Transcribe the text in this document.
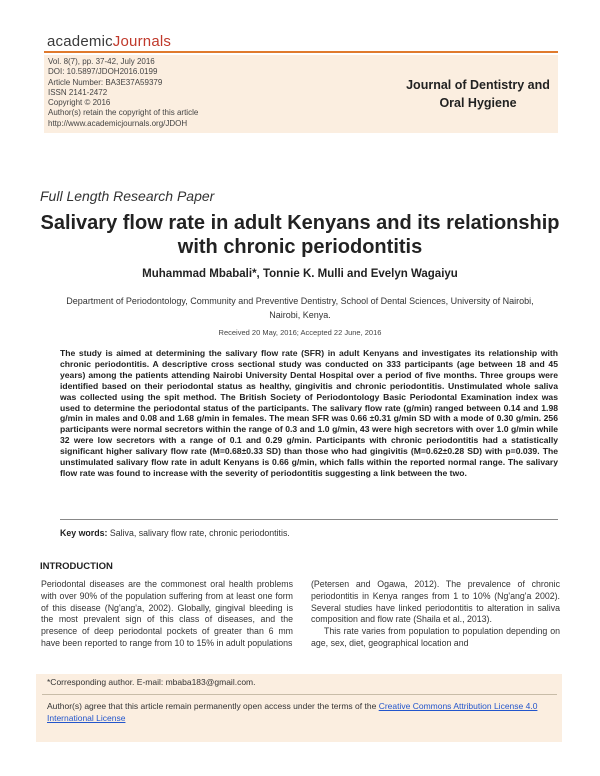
academicJournals
Vol. 8(7), pp. 37-42, July 2016
DOI: 10.5897/JDOH2016.0199
Article Number: BA3E37A59379
ISSN 2141-2472
Copyright © 2016
Author(s) retain the copyright of this article
http://www.academicjournals.org/JDOH
Journal of Dentistry and
Oral Hygiene
Full Length Research Paper
Salivary flow rate in adult Kenyans and its relationship
with chronic periodontitis
Muhammad Mbabali*, Tonnie K. Mulli and Evelyn Wagaiyu
Department of Periodontology, Community and Preventive Dentistry, School of Dental Sciences, University of Nairobi,
Nairobi, Kenya.
Received 20 May, 2016; Accepted 22 June, 2016
The study is aimed at determining the salivary flow rate (SFR) in adult Kenyans and investigates its relationship with chronic periodontitis. A descriptive cross sectional study was conducted on 333 participants (age between 18 and 45 years) among the patients attending Nairobi University Dental Hospital over a period of five months. Three groups were identified based on their periodontal status as healthy, gingivitis and chronic periodontitis. Unstimulated whole saliva was collected using the spit method. The British Society of Periodontology Basic Periodontal Examination index was used to determine the periodontal status of the participants. The salivary flow rate (g/min) ranged between 0.14 and 1.98 g/min in males and 0.08 and 1.68 g/min in females. The mean SFR was 0.66 ±0.31 g/min SD with a mode of 0.30 g/min. 256 participants were normal secretors within the range of 0.3 and 1.0 g/min, 43 were high secretors with over 1.0 g/min while 32 were low secretors with a range of 0.1 and 0.29 g/min. Participants with chronic periodontitis had a statistically significant higher salivary flow rate (M=0.68±0.33 SD) than those who had gingivitis (M=0.62±0.28 SD) with p=0.039. The unstimulated salivary flow rate in adult Kenyans is 0.66 g/min, which falls within the reported normal range. The salivary flow rate was found to increase with the severity of periodontitis suggesting a link between the two.
Key words: Saliva, salivary flow rate, chronic periodontitis.
INTRODUCTION

Periodontal diseases are the commonest oral health problems with over 90% of the population suffering from at least one form of this disease (Ng'ang'a, 2002). Globally, gingival bleeding is the most prevalent sign of this class of diseases, and the presence of deep periodontal pockets of greater than 6 mm have been reported to range from 10 to 15% in adult populations

(Petersen and Ogawa, 2012). The prevalence of chronic periodontitis in Kenya ranges from 1 to 10% (Ng'ang'a 2002). Several studies have linked periodontitis to alteration in saliva composition and flow rate (Shaila et al., 2013).

This rate varies from population to population depending on age, sex, diet, geographical location and

*Corresponding author. E-mail: mbaba183@gmail.com.
Author(s) agree that this article remain permanently open access under the terms of the Creative Commons Attribution License 4.0 International License
